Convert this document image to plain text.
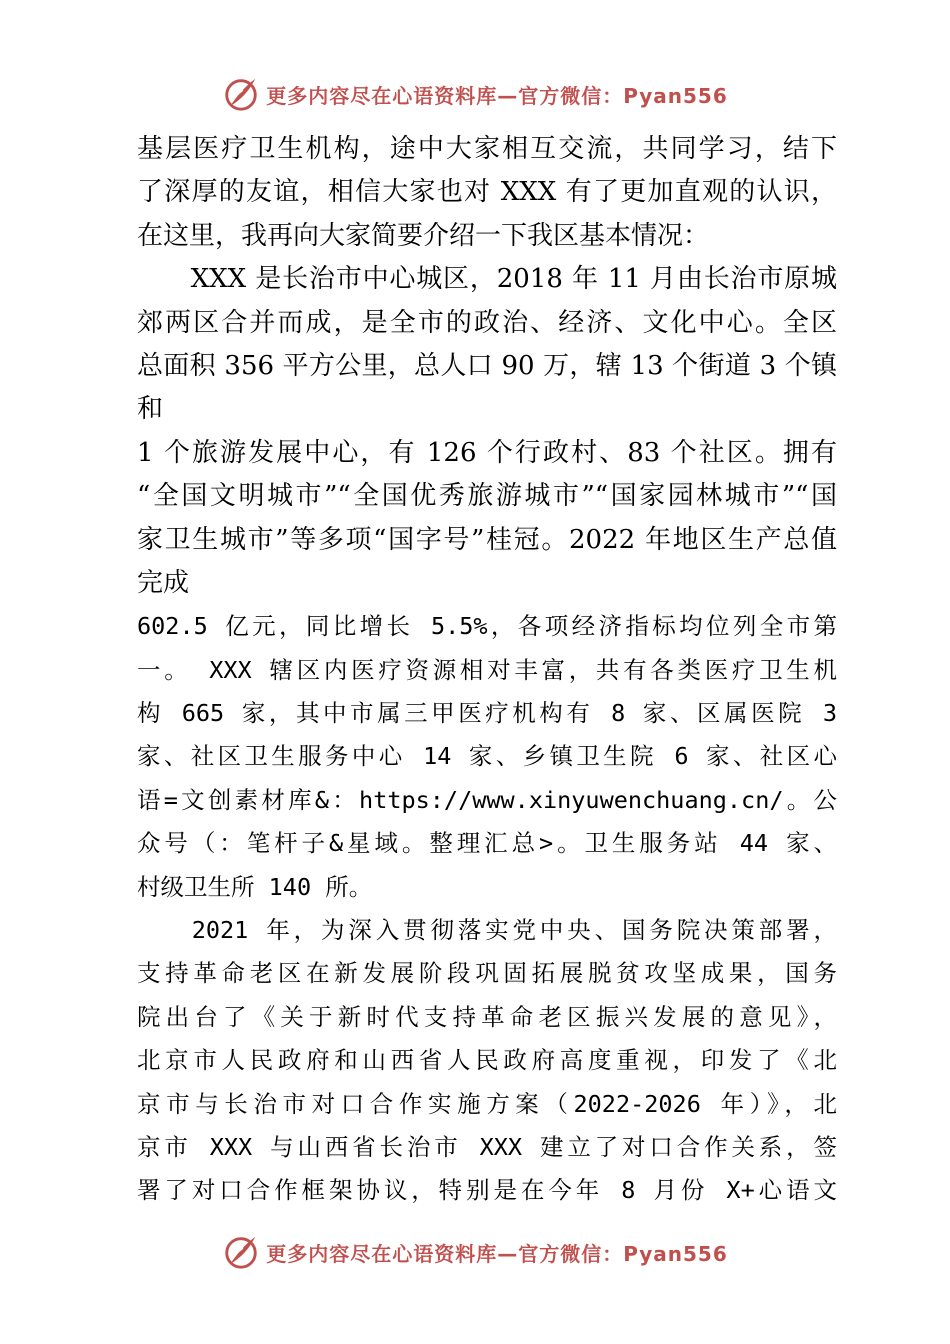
更多内容尽在心语资料库—官方微信：Pyan556
基层医疗卫生机构，途中大家相互交流，共同学习，结下
了深厚的友谊，相信大家也对 XXX 有了更加直观的认识，
在这里，我再向大家简要介绍一下我区基本情况：
　　XXX 是长治市中心城区，2018 年 11 月由长治市原城
郊两区合并而成，是全市的政治、经济、文化中心。全区
总面积 356 平方公里，总人口 90 万，辖 13 个街道 3 个镇
和
1 个旅游发展中心，有 126 个行政村、83 个社区。拥有
“全国文明城市”“全国优秀旅游城市”“国家园林城市”“国
家卫生城市”等多项“国字号”桂冠。2022 年地区生产总值
完成
602.5 亿元，同比增长 5.5%，各项经济指标均位列全市第
一。 XXX 辖区内医疗资源相对丰富，共有各类医疗卫生机
构 665 家，其中市属三甲医疗机构有 8 家、区属医院 3
家、社区卫生服务中心 14 家、乡镇卫生院 6 家、社区心
语=文创素材库&：https://www.xinyuwenchuang.cn/。公
众号（：笔杆子&星域。整理汇总>。卫生服务站 44 家、
村级卫生所 140 所。
　　2021 年，为深入贯彻落实党中央、国务院决策部署，
支持革命老区在新发展阶段巩固拓展脱贫攻坚成果，国务
院出台了《关于新时代支持革命老区振兴发展的意见》，
北京市人民政府和山西省人民政府高度重视，印发了《北
京市与长治市对口合作实施方案（2022-2026 年）》，北
京市 XXX 与山西省长治市 XXX 建立了对口合作关系，签
署了对口合作框架协议，特别是在今年 8 月份 X+心语文
更多内容尽在心语资料库—官方微信：Pyan556
